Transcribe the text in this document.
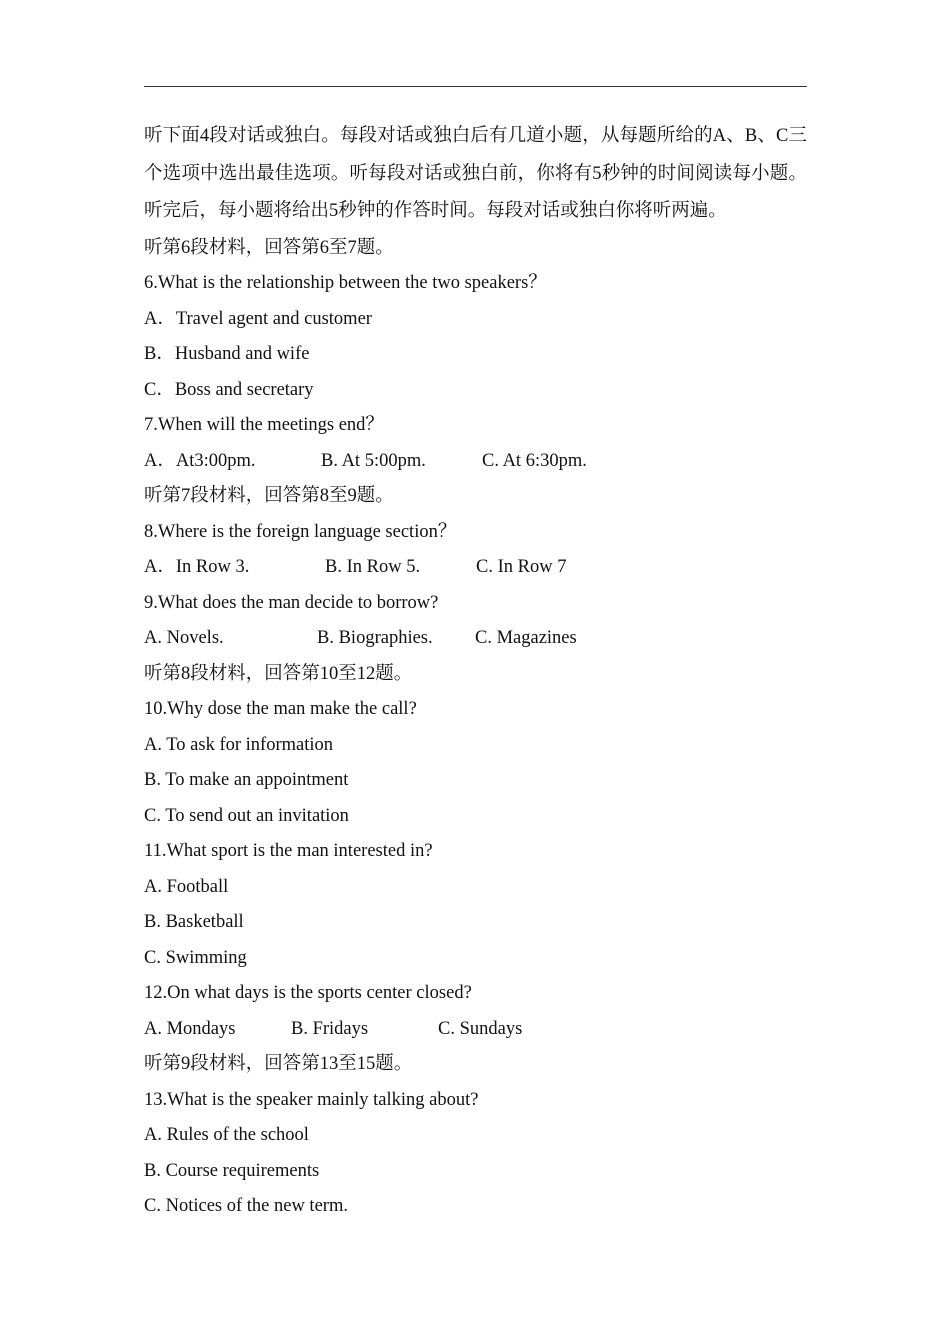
听下面4段对话或独白。每段对话或独白后有几道小题，从每题所给的A、B、C三个选项中选出最佳选项。听每段对话或独白前，你将有5秒钟的时间阅读每小题。听完后，每小题将给出5秒钟的作答时间。每段对话或独白你将听两遍。

听第6段材料，回答第6至7题。
6.What is the relationship between the two speakers？
A．Travel agent and customer
B．Husband and wife
C．Boss and secretary
7.When will the meetings end？
A．At3:00pm.	B. At 5:00pm.	C. At 6:30pm.
听第7段材料，回答第8至9题。
8.Where is the foreign language section？
A．In Row 3.	B. In Row 5.	C. In Row 7
9.What does the man decide to borrow?
A. Novels.	B. Biographies.	C. Magazines
听第8段材料，回答第10至12题。
10.Why dose the man make the call?
A. To ask for information
B. To make an appointment
C. To send out an invitation
11.What sport is the man interested in?
A. Football
B. Basketball
C. Swimming
12.On what days is the sports center closed?
A. Mondays	B. Fridays	C. Sundays
听第9段材料，回答第13至15题。
13.What is the speaker mainly talking about?
A. Rules of the school
B. Course requirements
C. Notices of the new term.
